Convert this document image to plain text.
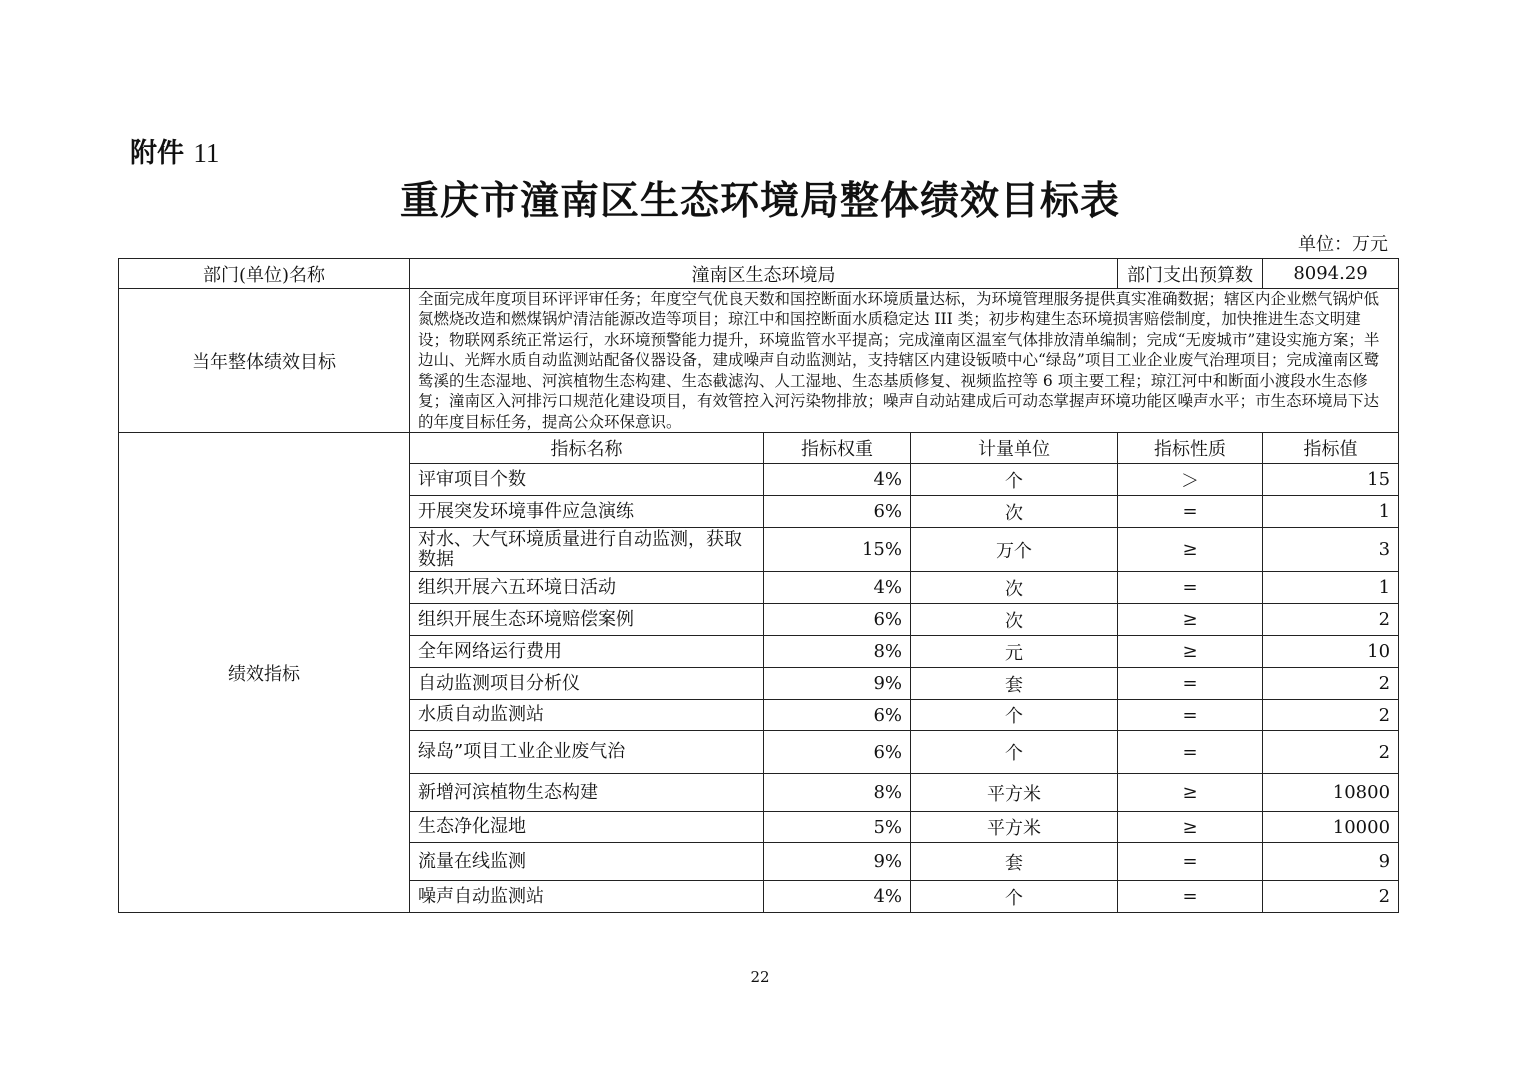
附件 11
重庆市潼南区生态环境局整体绩效目标表
单位：万元
部门(单位)名称	潼南区生态环境局			部门支出预算数	8094.29
当年整体绩效目标	全面完成年度项目环评评审任务；年度空气优良天数和国控断面水环境质量达标，为环境管理服务提供真实准确数据；辖区内企业燃气锅炉低氮燃烧改造和燃煤锅炉清洁能源改造等项目；琼江中和国控断面水质稳定达 III 类；初步构建生态环境损害赔偿制度，加快推进生态文明建设；物联网系统正常运行，水环境预警能力提升，环境监管水平提高；完成潼南区温室气体排放清单编制；完成“无废城市”建设实施方案；半边山、光辉水质自动监测站配备仪器设备，建成噪声自动监测站，支持辖区内建设钣喷中心“绿岛”项目工业企业废气治理项目；完成潼南区鹭鸶溪的生态湿地、河滨植物生态构建、生态截滤沟、人工湿地、生态基质修复、视频监控等 6 项主要工程；琼江河中和断面小渡段水生态修复；潼南区入河排污口规范化建设项目，有效管控入河污染物排放；噪声自动站建成后可动态掌握声环境功能区噪声水平；市生态环境局下达的年度目标任务，提高公众环保意识。				
绩效指标	指标名称	指标权重	计量单位	指标性质	指标值
	评审项目个数	4%	个	＞	15
	开展突发环境事件应急演练	6%	次	=	1
	对水、大气环境质量进行自动监测，获取数据	15%	万个	≥	3
	组织开展六五环境日活动	4%	次	=	1
	组织开展生态环境赔偿案例	6%	次	≥	2
	全年网络运行费用	8%	元	≥	10
	自动监测项目分析仪	9%	套	=	2
	水质自动监测站	6%	个	=	2
	绿岛”项目工业企业废气治	6%	个	=	2
	新增河滨植物生态构建	8%	平方米	≥	10800
	生态净化湿地	5%	平方米	≥	10000
	流量在线监测	9%	套	=	9
	噪声自动监测站	4%	个	=	2
22
